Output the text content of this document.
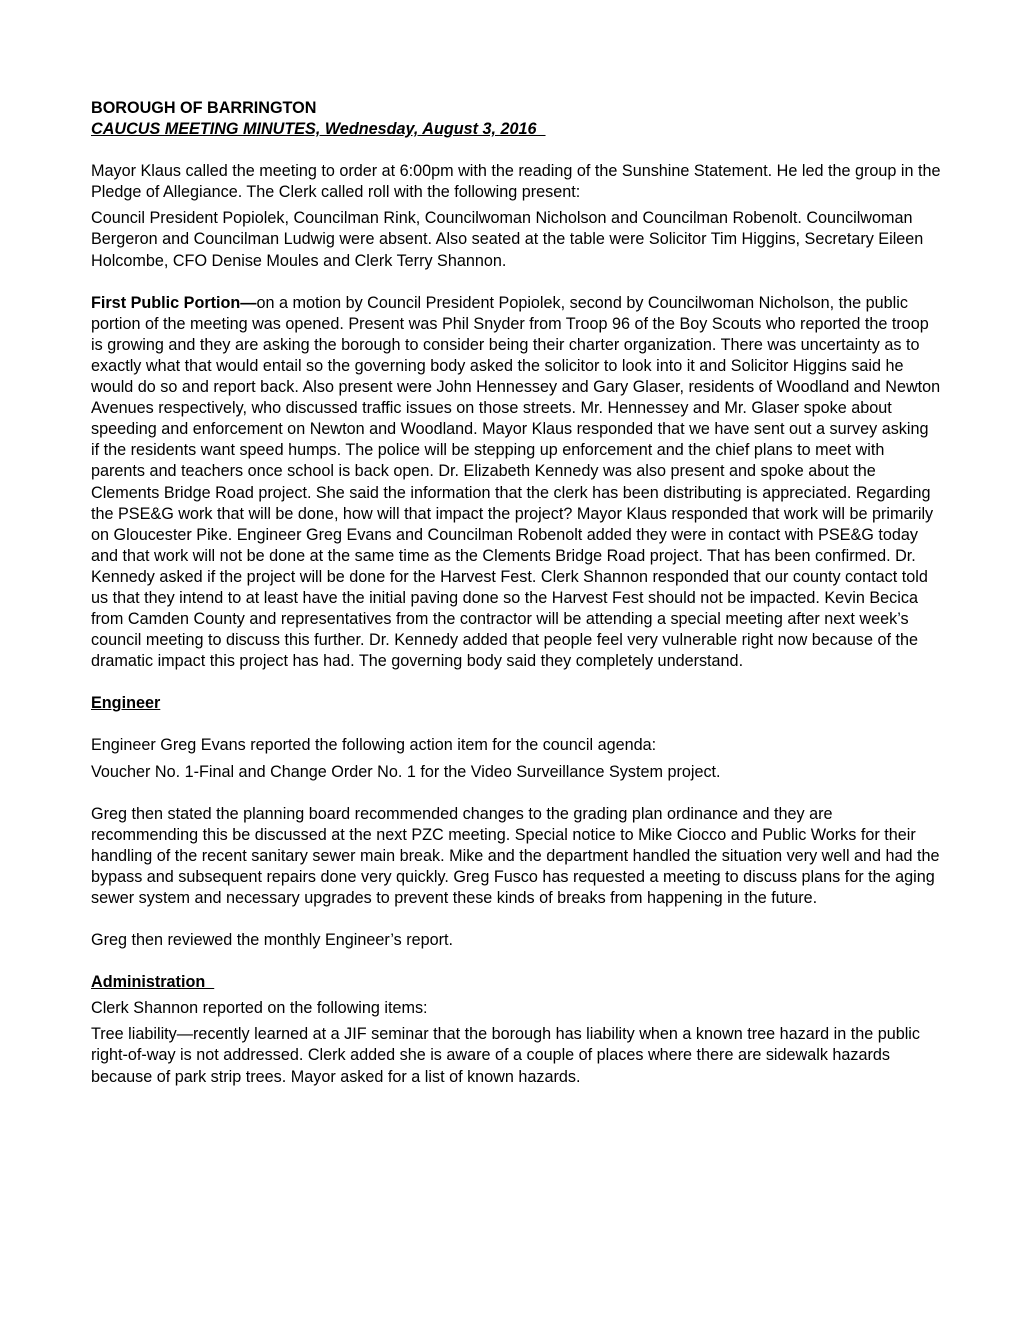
BOROUGH OF BARRINGTON

CAUCUS MEETING MINUTES, Wednesday, August 3, 2016

Mayor Klaus called the meeting to order at 6:00pm with the reading of the Sunshine Statement. He led the group in the Pledge of Allegiance. The Clerk called roll with the following present:

Council President Popiolek, Councilman Rink, Councilwoman Nicholson and Councilman Robenolt. Councilwoman Bergeron and Councilman Ludwig were absent. Also seated at the table were Solicitor Tim Higgins, Secretary Eileen Holcombe, CFO Denise Moules and Clerk Terry Shannon.

First Public Portion—on a motion by Council President Popiolek, second by Councilwoman Nicholson, the public portion of the meeting was opened. Present was Phil Snyder from Troop 96 of the Boy Scouts who reported the troop is growing and they are asking the borough to consider being their charter organization. There was uncertainty as to exactly what that would entail so the governing body asked the solicitor to look into it and Solicitor Higgins said he would do so and report back. Also present were John Hennessey and Gary Glaser, residents of Woodland and Newton Avenues respectively, who discussed traffic issues on those streets. Mr. Hennessey and Mr. Glaser spoke about speeding and enforcement on Newton and Woodland. Mayor Klaus responded that we have sent out a survey asking if the residents want speed humps. The police will be stepping up enforcement and the chief plans to meet with parents and teachers once school is back open. Dr. Elizabeth Kennedy was also present and spoke about the Clements Bridge Road project. She said the information that the clerk has been distributing is appreciated. Regarding the PSE&G work that will be done, how will that impact the project? Mayor Klaus responded that work will be primarily on Gloucester Pike. Engineer Greg Evans and Councilman Robenolt added they were in contact with PSE&G today and that work will not be done at the same time as the Clements Bridge Road project. That has been confirmed. Dr. Kennedy asked if the project will be done for the Harvest Fest. Clerk Shannon responded that our county contact told us that they intend to at least have the initial paving done so the Harvest Fest should not be impacted. Kevin Becica from Camden County and representatives from the contractor will be attending a special meeting after next week’s council meeting to discuss this further. Dr. Kennedy added that people feel very vulnerable right now because of the dramatic impact this project has had. The governing body said they completely understand.

Engineer

Engineer Greg Evans reported the following action item for the council agenda:

Voucher No. 1-Final and Change Order No. 1 for the Video Surveillance System project.

Greg then stated the planning board recommended changes to the grading plan ordinance and they are recommending this be discussed at the next PZC meeting. Special notice to Mike Ciocco and Public Works for their handling of the recent sanitary sewer main break. Mike and the department handled the situation very well and had the bypass and subsequent repairs done very quickly. Greg Fusco has requested a meeting to discuss plans for the aging sewer system and necessary upgrades to prevent these kinds of breaks from happening in the future.

Greg then reviewed the monthly Engineer’s report.

Administration

Clerk Shannon reported on the following items:

Tree liability—recently learned at a JIF seminar that the borough has liability when a known tree hazard in the public right-of-way is not addressed. Clerk added she is aware of a couple of places where there are sidewalk hazards because of park strip trees. Mayor asked for a list of known hazards.
